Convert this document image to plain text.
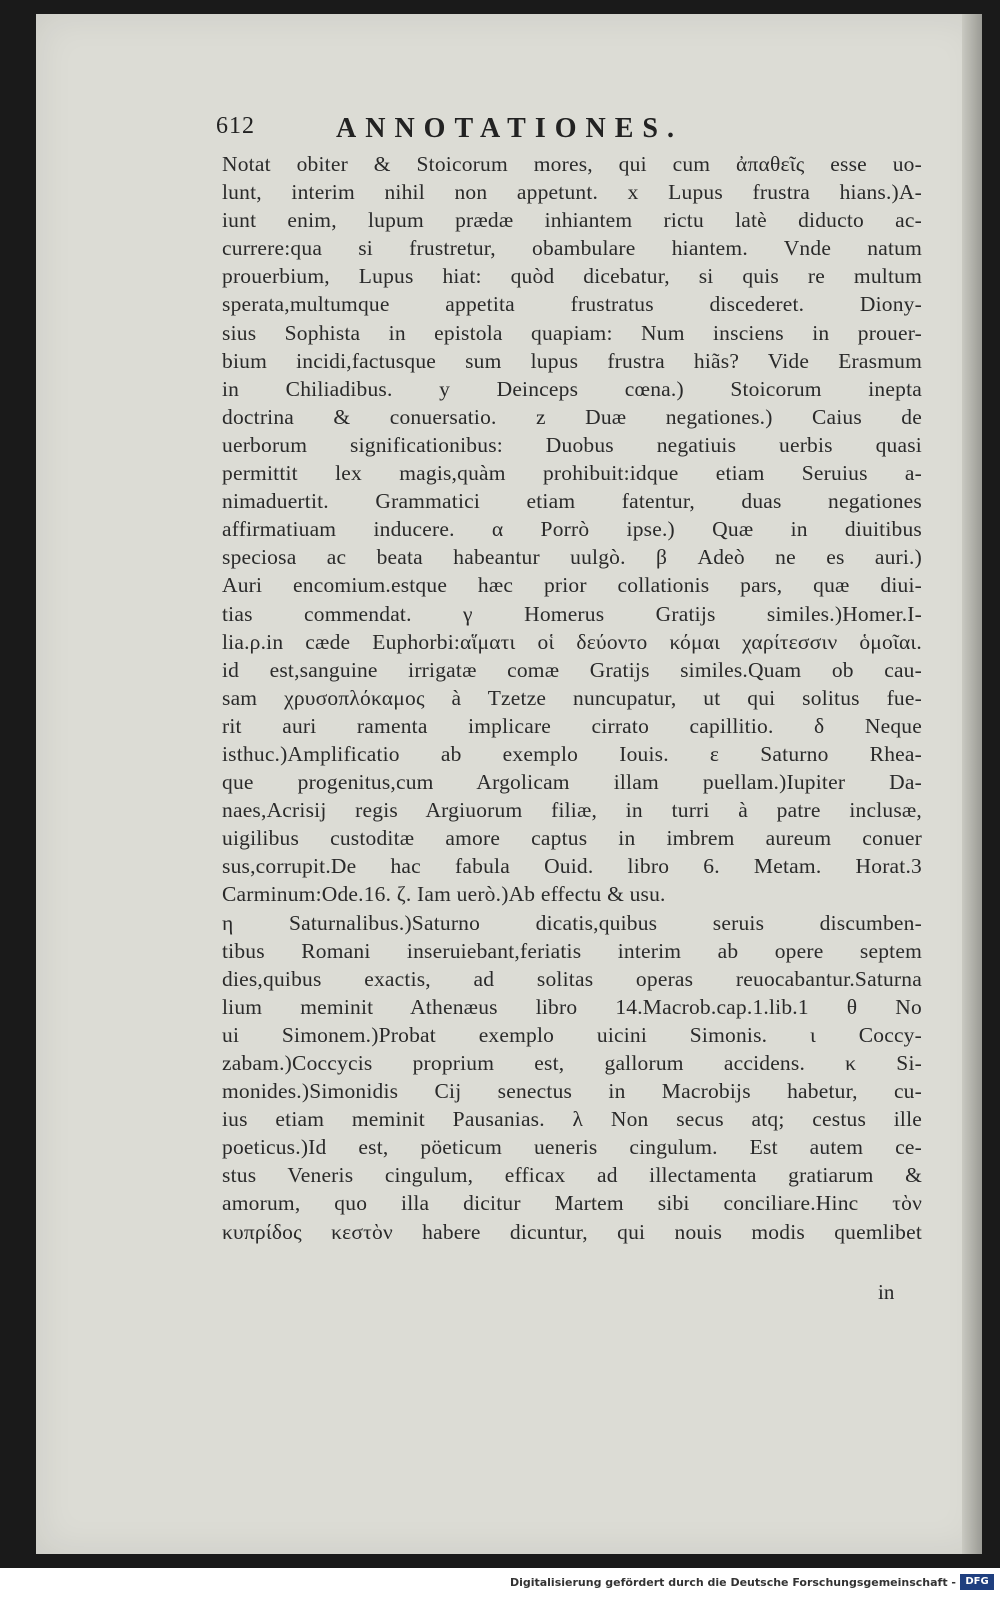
612	ANNOTATIONES.
Notat obiter & Stoicorum mores, qui cum ἀπαθεῖς esse uo-
lunt, interim nihil non appetunt. x Lupus frustra hians.)A-
iunt enim, lupum prædæ inhiantem rictu latè diducto ac-
currere:qua si frustretur, obambulare hiantem. Vnde natum
prouerbium, Lupus hiat: quòd dicebatur, si quis re multum
sperata,multumque appetita frustratus discederet. Diony-
sius Sophista in epistola quapiam: Num insciens in prouer-
bium incidi,factusque sum lupus frustra hiãs? Vide Erasmum
in Chiliadibus. y Deinceps cœna.) Stoicorum inepta
doctrina & conuersatio. z Duæ negationes.) Caius de
uerborum significationibus: Duobus negatiuis uerbis quasi
permittit lex magis,quàm prohibuit:idque etiam Seruius a-
nimaduertit. Grammatici etiam fatentur, duas negationes
affirmatiuam inducere. α Porrò ipse.) Quæ in diuitibus
speciosa ac beata habeantur uulgò. β Adeò ne es auri.)
Auri encomium.estque hæc prior collationis pars, quæ diui-
tias commendat. γ Homerus Gratijs similes.)Homer.I-
lia.ρ.in cæde Euphorbi:αἵματι οἱ δεύοντο κόμαι χαρίτεσσιν ὁμοῖαι.
id est,sanguine irrigatæ comæ Gratijs similes.Quam ob cau-
sam χρυσοπλόκαμος à Tzetze nuncupatur, ut qui solitus fue-
rit auri ramenta implicare cirrato capillitio. δ Neque
isthuc.)Amplificatio ab exemplo Iouis. ε Saturno Rhea-
que progenitus,cum Argolicam illam puellam.)Iupiter Da-
naes,Acrisij regis Argiuorum filiæ, in turri à patre inclusæ,
uigilibus custoditæ amore captus in imbrem aureum conuer
sus,corrupit.De hac fabula Ouid. libro 6. Metam. Horat.3
Carminum:Ode.16. ζ. Iam uerò.)Ab effectu & usu.
η Saturnalibus.)Saturno dicatis,quibus seruis discumben-
tibus Romani inseruiebant,feriatis interim ab opere septem
dies,quibus exactis, ad solitas operas reuocabantur.Saturna
lium meminit Athenæus libro 14.Macrob.cap.1.lib.1 θ No
ui Simonem.)Probat exemplo uicini Simonis. ι Coccy-
zabam.)Coccycis proprium est, gallorum accidens. κ Si-
monides.)Simonidis Cij senectus in Macrobijs habetur, cu-
ius etiam meminit Pausanias. λ Non secus atq; cestus ille
poeticus.)Id est, pöeticum ueneris cingulum. Est autem ce-
stus Veneris cingulum, efficax ad illectamenta gratiarum &
amorum, quo illa dicitur Martem sibi conciliare.Hinc τὸν
κυπρίδος κεστὸν habere dicuntur, qui nouis modis quemlibet
in
Digitalisierung gefördert durch die Deutsche Forschungsgemeinschaft - DFG
